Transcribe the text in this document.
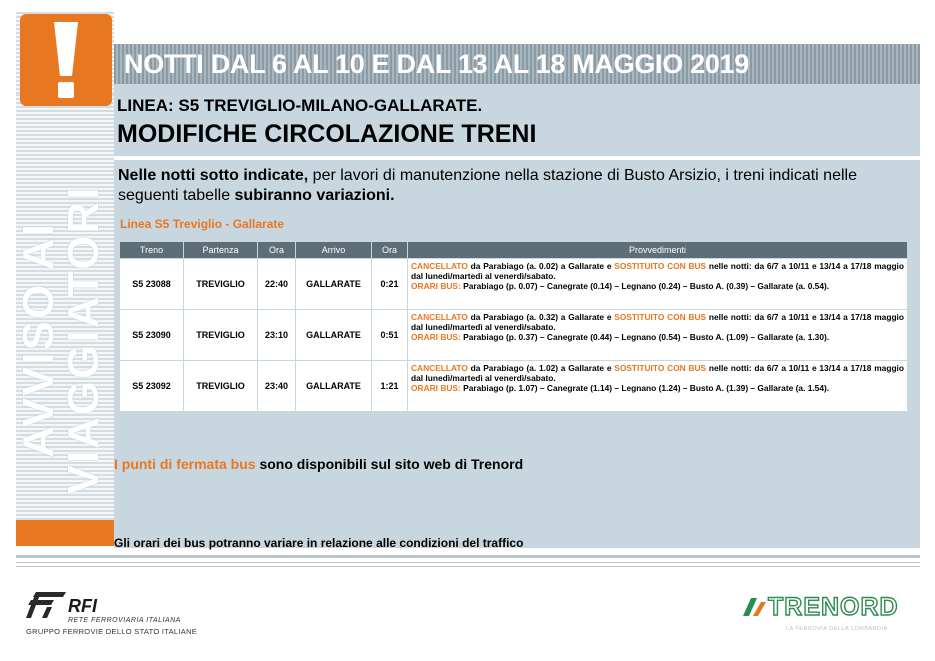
AVVISO AI
VIAGGIATORI
NOTTI DAL 6 AL 10 E DAL 13 AL 18 MAGGIO 2019
LINEA: S5 TREVIGLIO-MILANO-GALLARATE.
MODIFICHE CIRCOLAZIONE TRENI
Nelle notti sotto indicate, per lavori di manutenzione nella stazione di Busto Arsizio, i treni indicati nelle seguenti tabelle subiranno variazioni.
Linea S5 Treviglio - Gallarate
Treno	Partenza	Ora	Arrivo	Ora	Provvedimenti
S5 23088	TREVIGLIO	22:40	GALLARATE	0:21	CANCELLATO da Parabiago (a. 0.02) a Gallarate e SOSTITUITO CON BUS nelle notti: da 6/7 a 10/11 e 13/14 a 17/18 maggio dal lunedì/martedì al venerdì/sabato.
ORARI BUS: Parabiago (p. 0.07) – Canegrate (0.14) – Legnano (0.24) – Busto A. (0.39) – Gallarate (a. 0.54).
S5 23090	TREVIGLIO	23:10	GALLARATE	0:51	CANCELLATO da Parabiago (a. 0.32) a Gallarate e SOSTITUITO CON BUS nelle notti: da 6/7 a 10/11 e 13/14 a 17/18 maggio dal lunedì/martedì al venerdì/sabato.
ORARI BUS: Parabiago (p. 0.37) – Canegrate (0.44) – Legnano (0.54) – Busto A. (1.09) – Gallarate (a. 1.30).
S5 23092	TREVIGLIO	23:40	GALLARATE	1:21	CANCELLATO da Parabiago (a. 1.02) a Gallarate e SOSTITUITO CON BUS nelle notti: da 6/7 a 10/11 e 13/14 a 17/18 maggio dal lunedì/martedì al venerdì/sabato.
ORARI BUS: Parabiago (p. 1.07) – Canegrate (1.14) – Legnano (1.24) – Busto A. (1.39) – Gallarate (a. 1.54).
I punti di fermata bus sono disponibili sul sito web di Trenord
Gli orari dei bus potranno variare in relazione alle condizioni del traffico
RFI
RETE FERROVIARIA ITALIANA
GRUPPO FERROVIE DELLO STATO ITALIANE
TRENORD
LA FERROVIA DELLA LOMBARDIA
